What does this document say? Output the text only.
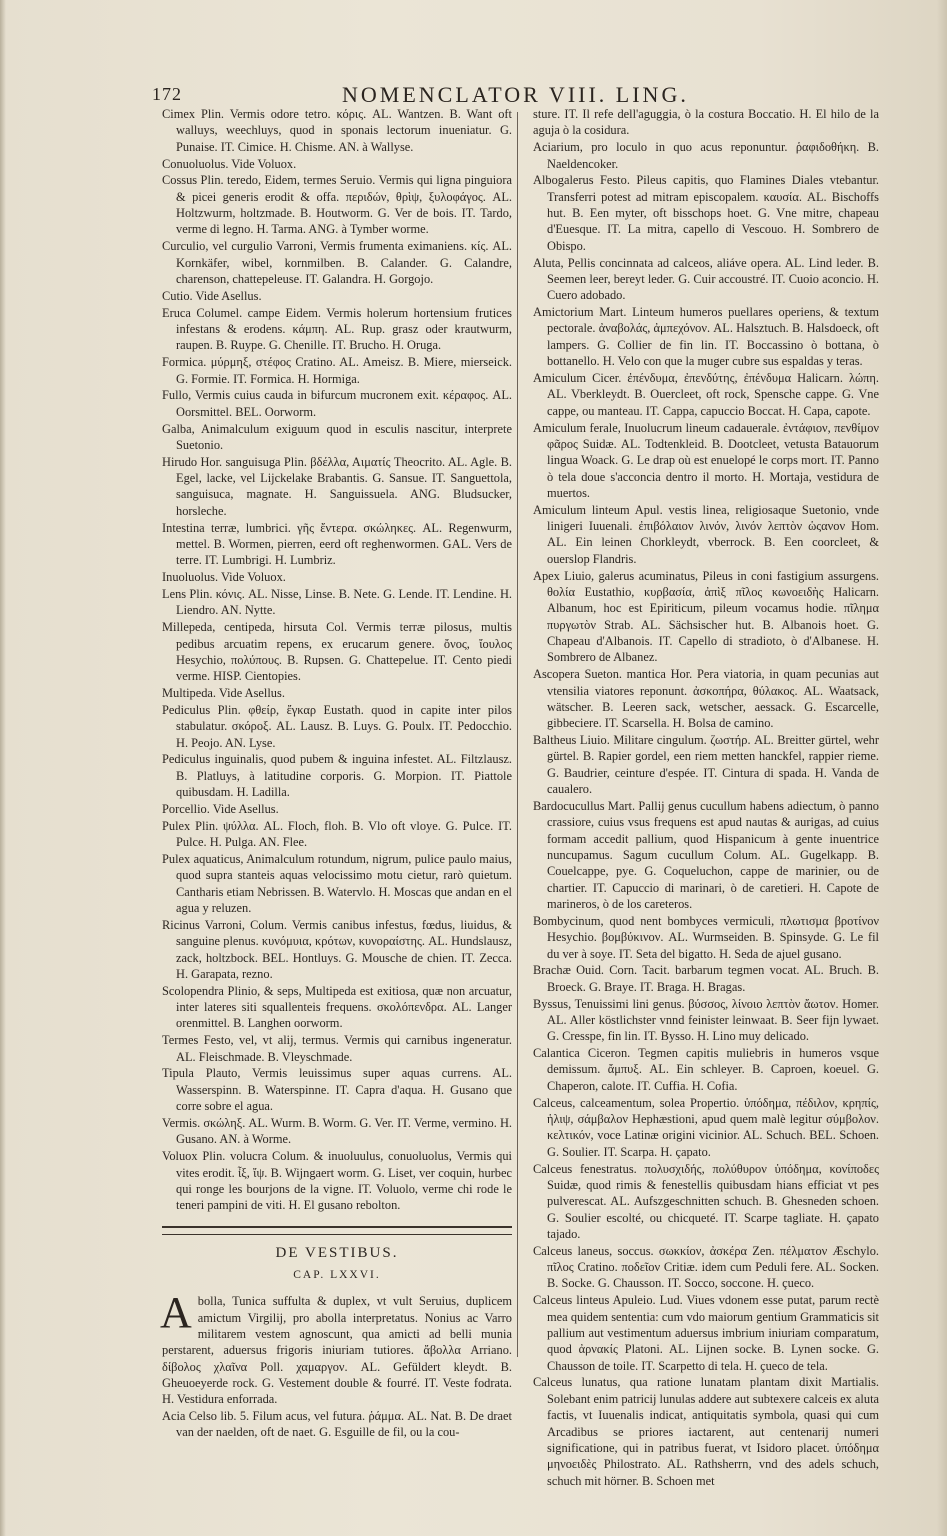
172	NOMENCLATOR VIII. LING.
Cimex Plin. Vermis odore tetro. κόρις. AL. Wantzen. B. Want oft walluys, weechluys, quod in sponais lectorum inueniatur. G. Punaise. IT. Cimice. H. Chisme. AN. à Wallyse.
Conuoluolus. Vide Voluox.
Cossus Plin. teredo, Eidem, termes Seruio. Vermis qui ligna pinguiora & picei generis erodit & offa. περιδών, θρὶψ, ξυλοφάγος. AL. Holtzwurm, holtzmade. B. Houtworm. G. Ver de bois. IT. Tardo, verme di legno. H. Tarma. ANG. à Tymber worme.
Curculio, vel curgulio Varroni, Vermis frumenta eximaniens. κίς. AL. Kornkäfer, wibel, kornmilben. B. Calander. G. Calandre, charenson, chattepeleuse. IT. Galandra. H. Gorgojo.
Cutio. Vide Asellus.
Eruca Columel. campe Eidem. Vermis holerum hortensium frutices infestans & erodens. κάμπη. AL. Rup. grasz oder krautwurm, raupen. B. Ruype. G. Chenille. IT. Brucho. H. Oruga.
Formica. μύρμηξ, στέφος Cratino. AL. Ameisz. B. Miere, mierseick. G. Formie. IT. Formica. H. Hormiga.
Fullo, Vermis cuius cauda in bifurcum mucronem exit. κέραφος. AL. Oorsmittel. BEL. Oorworm.
Galba, Animalculum exiguum quod in esculis nascitur, interprete Suetonio.
Hirudo Hor. sanguisuga Plin. βδέλλα, Αιματίς Theocrito. AL. Agle. B. Egel, lacke, vel Lijckelake Brabantis. G. Sansue. IT. Sanguettola, sanguisuca, magnate. H. Sanguissuela. ANG. Bludsucker, horsleche.
Intestina terræ, lumbrici. γῆς ἔντερα. σκώληκες. AL. Regenwurm, mettel. B. Wormen, pierren, eerd oft reghenwormen. GAL. Vers de terre. IT. Lumbrigi. H. Lumbriz.
Inuoluolus. Vide Voluox.
Lens Plin. κόνις. AL. Nisse, Linse. B. Nete. G. Lende. IT. Lendine. H. Liendro. AN. Nytte.
Millepeda, centipeda, hirsuta Col. Vermis terræ pilosus, multis pedibus arcuatim repens, ex erucarum genere. ὄνος, ἴουλος Hesychio, πολύπους. B. Rupsen. G. Chattepelue. IT. Cento piedi verme. HISP. Cientopies.
Multipeda. Vide Asellus.
Pediculus Plin. φθείρ, ἔγκαρ Eustath. quod in capite inter pilos stabulatur. σκόροξ. AL. Lausz. B. Luys. G. Poulx. IT. Pedocchio. H. Peojo. AN. Lyse.
Pediculus inguinalis, quod pubem & inguina infestet. AL. Filtzlausz. B. Platluys, à latitudine corporis. G. Morpion. IT. Piattole quibusdam. H. Ladilla.
Porcellio. Vide Asellus.
Pulex Plin. ψύλλα. AL. Floch, floh. B. Vlo oft vloye. G. Pulce. IT. Pulce. H. Pulga. AN. Flee.
Pulex aquaticus, Animalculum rotundum, nigrum, pulice paulo maius, quod supra stanteis aquas velocissimo motu cietur, rarò quietum. Cantharis etiam Nebrissen. B. Watervlo. H. Moscas que andan en el agua y reluzen.
Ricinus Varroni, Colum. Vermis canibus infestus, fœdus, liuidus, & sanguine plenus. κυνόμυια, κρότων, κυνοραίστης. AL. Hundslausz, zack, holtzbock. BEL. Hontluys. G. Mousche de chien. IT. Zecca. H. Garapata, rezno.
Scolopendra Plinio, & seps, Multipeda est exitiosa, quæ non arcuatur, inter lateres siti squallenteis frequens. σκολόπενδρα. AL. Langer orenmittel. B. Langhen oorworm.
Termes Festo, vel, vt alij, termus. Vermis qui carnibus ingeneratur. AL. Fleischmade. B. Vleyschmade.
Tipula Plauto, Vermis leuissimus super aquas currens. AL. Wasserspinn. B. Waterspinne. IT. Capra d'aqua. H. Gusano que corre sobre el agua.
Vermis. σκώληξ. AL. Wurm. B. Worm. G. Ver. IT. Verme, vermino. H. Gusano. AN. à Worme.
Voluox Plin. volucra Colum. & inuoluulus, conuoluolus, Vermis qui vites erodit. ἶξ, ἴψ. B. Wijngaert worm. G. Liset, ver coquin, hurbec qui ronge les bourjons de la vigne. IT. Voluolo, verme chi rode le teneri pampini de viti. H. El gusano rebolton.
DE VESTIBUS.
CAP. LXXVI.
Abolla, Tunica suffulta & duplex, vt vult Seruius, duplicem amictum Virgilij, pro abolla interpretatus. Nonius ac Varro militarem vestem agnoscunt, qua amicti ad belli munia perstarent, aduersus frigoris iniuriam tutiores. ἄβολλα Arriano. δίβολος χλαῖνα Poll. χαμαργον. AL. Gefüldert kleydt. B. Gheuoeyerde rock. G. Vestement double & fourré. IT. Veste fodrata. H. Vestidura enforrada.
Acia Celso lib. 5. Filum acus, vel futura. ῥάμμα. AL. Nat. B. De draet van der naelden, oft de naet. G. Esguille de fil, ou la cou-
sture. IT. Il refe dell'aguggia, ò la costura Boccatio. H. El hilo de la aguja ò la cosidura.
Aciarium, pro loculo in quo acus reponuntur. ῥαφιδοθήκη. B. Naeldencoker.
Albogalerus Festo. Pileus capitis, quo Flamines Diales vtebantur. Transferri potest ad mitram episcopalem. καυσία. AL. Bischoffs hut. B. Een myter, oft bisschops hoet. G. Vne mitre, chapeau d'Euesque. IT. La mitra, capello di Vescouo. H. Sombrero de Obispo.
Aluta, Pellis concinnata ad calceos, aliáve opera. AL. Lind leder. B. Seemen leer, bereyt leder. G. Cuir accoustré. IT. Cuoio aconcio. H. Cuero adobado.
Amictorium Mart. Linteum humeros puellares operiens, & textum pectorale. ἀναβολάς, ἀμπεχόνον. AL. Halsztuch. B. Halsdoeck, oft lampers. G. Collier de fin lin. IT. Boccassino ò bottana, ò bottanello. H. Velo con que la muger cubre sus espaldas y teras.
Amiculum Cicer. ἐπένδυμα, ἐπενδύτης, ἐπένδυμα Halicarn. λώπη. AL. Vberkleydt. B. Ouercleet, oft rock, Spensche cappe. G. Vne cappe, ou manteau. IT. Cappa, capuccio Boccat. H. Capa, capote.
Amiculum ferale, Inuolucrum lineum cadauerale. ἐντάφιον, πενθίμον φᾶρος Suidæ. AL. Todtenkleid. B. Dootcleet, vetusta Batauorum lingua Woack. G. Le drap où est enuelopé le corps mort. IT. Panno ò tela doue s'acconcia dentro il morto. H. Mortaja, vestidura de muertos.
Amiculum linteum Apul. vestis linea, religiosaque Suetonio, vnde linigeri Iuuenali. ἐπιβόλαιον λινόν, λινόν λεπτὸν ὡςανον Hom. AL. Ein leinen Chorkleydt, vberrock. B. Een coorcleet, & ouerslop Flandris.
Apex Liuio, galerus acuminatus, Pileus in coni fastigium assurgens. θολία Eustathio, κυρβασία, ἀπὶξ πῖλος κωνοειδὴς Halicarn. Albanum, hoc est Epiriticum, pileum vocamus hodie. πῖλημα πυργωτὸν Strab. AL. Sächsischer hut. B. Albanois hoet. G. Chapeau d'Albanois. IT. Capello di stradioto, ò d'Albanese. H. Sombrero de Albanez.
Ascopera Sueton. mantica Hor. Pera viatoria, in quam pecunias aut vtensilia viatores reponunt. ἀσκοπήρα, θύλακος. AL. Waatsack, wätscher. B. Leeren sack, wetscher, aessack. G. Escarcelle, gibbeciere. IT. Scarsella. H. Bolsa de camino.
Baltheus Liuio. Militare cingulum. ζωστήρ. AL. Breitter gürtel, wehr gürtel. B. Rapier gordel, een riem metten hanckfel, rappier rieme. G. Baudrier, ceinture d'espée. IT. Cintura di spada. H. Vanda de caualero.
Bardocucullus Mart. Pallij genus cucullum habens adiectum, ò panno crassiore, cuius vsus frequens est apud nautas & aurigas, ad cuius formam accedit pallium, quod Hispanicum à gente inuentrice nuncupamus. Sagum cucullum Colum. AL. Gugelkapp. B. Couelcappe, pye. G. Coqueluchon, cappe de marinier, ou de chartier. IT. Capuccio di marinari, ò de caretieri. H. Capote de marineros, ò de los careteros.
Bombycinum, quod nent bombyces vermiculi, πλωτισμα βροτίνον Hesychio. βομβύκινον. AL. Wurmseiden. B. Spinsyde. G. Le fil du ver à soye. IT. Seta del bigatto. H. Seda de ajuel gusano.
Brachæ Ouid. Corn. Tacit. barbarum tegmen vocat. AL. Bruch. B. Broeck. G. Braye. IT. Braga. H. Bragas.
Byssus, Tenuissimi lini genus. βύσσος, λίνοιο λεπτὸν ἄωτον. Homer. AL. Aller köstlichster vnnd feinister leinwaat. B. Seer fijn lywaet. G. Cresspe, fin lin. IT. Bysso. H. Lino muy delicado.
Calantica Ciceron. Tegmen capitis muliebris in humeros vsque demissum. ἄμπυξ. AL. Ein schleyer. B. Caproen, koeuel. G. Chaperon, calote. IT. Cuffia. H. Cofia.
Calceus, calceamentum, solea Propertio. ὑπόδημα, πέδιλον, κρηπίς, ἡλιψ, σάμβαλον Hephæstioni, apud quem malè legitur σύμβολον. κελτικόν, voce Latinæ origini vicinior. AL. Schuch. BEL. Schoen. G. Soulier. IT. Scarpa. H. çapato.
Calceus fenestratus. πολυσχιδής, πολύθυρον ὑπόδημα, κονίποδες Suidæ, quod rimis & fenestellis quibusdam hians efficiat vt pes pulverescat. AL. Aufszgeschnitten schuch. B. Ghesneden schoen. G. Soulier escolté, ou chicqueté. IT. Scarpe tagliate. H. çapato tajado.
Calceus laneus, soccus. σωκκίον, ἀσκέρα Zen. πέλματον Æschylo. πῖλος Cratino. ποδεῖον Critiæ. idem cum Peduli fere. AL. Socken. B. Socke. G. Chausson. IT. Socco, soccone. H. çueco.
Calceus linteus Apuleio. Lud. Viues vdonem esse putat, parum rectè mea quidem sententia: cum vdo maiorum gentium Grammaticis sit pallium aut vestimentum aduersus imbrium iniuriam comparatum, quod ἀρνακίς Platoni. AL. Lijnen socke. B. Lynen socke. G. Chausson de toile. IT. Scarpetto di tela. H. çueco de tela.
Calceus lunatus, qua ratione lunatam plantam dixit Martialis. Solebant enim patricij lunulas addere aut subtexere calceis ex aluta factis, vt Iuuenalis indicat, antiquitatis symbola, quasi qui cum Arcadibus se priores iactarent, aut centenarij numeri significatione, qui in patribus fuerat, vt Isidoro placet. ὑπόδημα μηνοειδὲς Philostrato. AL. Rathsherrn, vnd des adels schuch, schuch mit hörner. B. Schoen met
